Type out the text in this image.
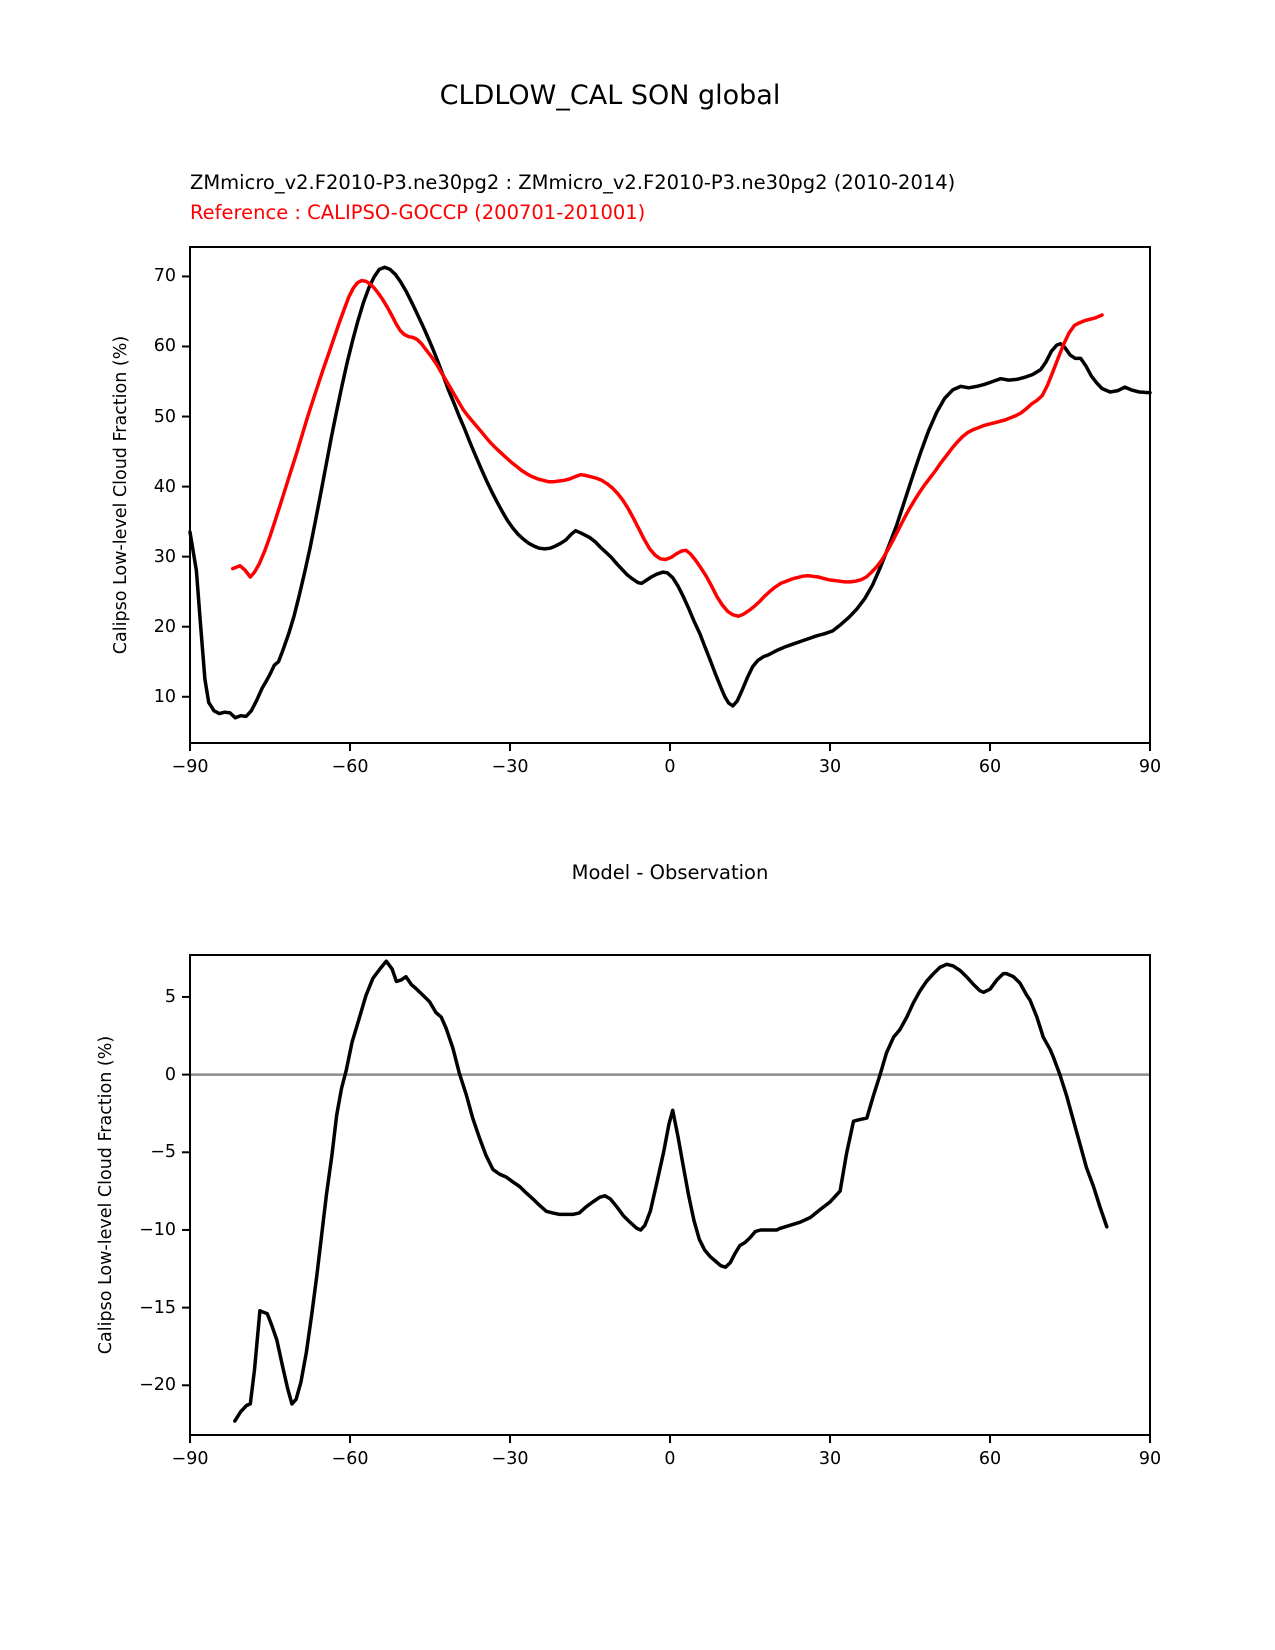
CLDLOW_CAL SON global
ZMmicro_v2.F2010-P3.ne30pg2 : ZMmicro_v2.F2010-P3.ne30pg2 (2010-2014)
Reference : CALIPSO-GOCCP (200701-201001)
Calipso Low-level Cloud Fraction (%)
Model - Observation
Calipso Low-level Cloud Fraction (%)
−90	−60	−30	0	30	60	90
10
20
30
40
50
60
70
−90	−60	−30	0	30	60	90
5
0
−5
−10
−15
−20
